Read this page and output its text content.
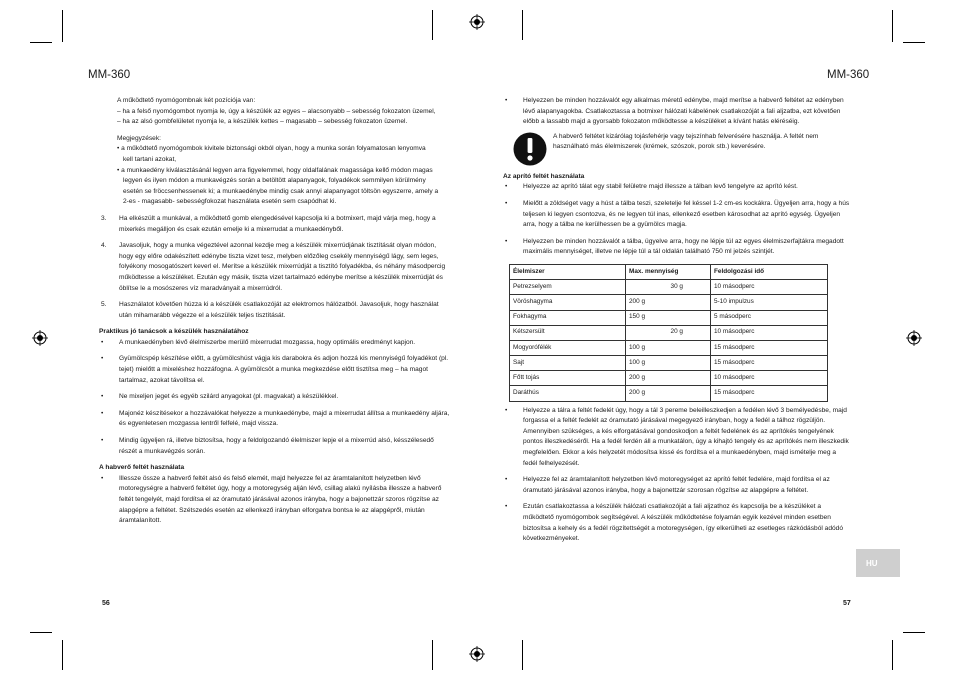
MM-360

A működtető nyomógombnak két pozíciója van:

– ha a felső nyomógombot nyomja le, úgy a készülék az egyes – alacsonyabb – sebesség fokozaton üzemel,

– ha az alsó gombfelületet nyomja le, a készülék kettes – magasabb – sebesség fokozaton üzemel.

Megjegyzések:

• a működtető nyomógombok kivitele biztonsági okból olyan, hogy a munka során folyamatosan lenyomva

kell tartani azokat,

• a munkaedény kiválasztásánál legyen arra figyelemmel, hogy oldalfalának magassága kellő módon magas

legyen és ilyen módon a munkavégzés során a betöltött alapanyagok, folyadékok semmilyen körülmény

esetén se fröccsenhessenek ki; a munkaedénybe mindig csak annyi alapanyagot töltsön egyszerre, amely a

2-es - magasabb- sebességfokozat használata esetén sem csapódhat ki.

3.	Ha elkészült a munkával, a működtető gomb elengedésével kapcsolja ki a botmixert, majd várja meg, hogy a mixerkés megálljon és csak ezután emelje ki a mixerrudat a munkaedényből.
4.	Javasoljuk, hogy a munka végeztével azonnal kezdje meg a készülék mixerrúdjának tisztítását olyan módon, hogy egy előre odakészített edénybe tiszta vizet tesz, melyben előzőleg csekély mennyiségű lágy, sem leges, folyékony mosogatószert keverl el. Merítse a készülék mixerrúdját a tisztító folyadékba, és néhány másodpercig működtesse a készüléket. Ezután egy másik, tiszta vizet tartalmazó edénybe merítse a készülék mixerrúdját és öblítse le a mosószeres víz maradványait a mixerrúdról.
5.	Használatot követően húzza ki a készülék csatlakozóját az elektromos hálózatból. Javasoljuk, hogy használat után mihamarább végezze el a készülék teljes tisztítását.

Praktikus jó tanácsok a készülék használatához

•	A munkaedényben lévő élelmiszerbe merülő mixerrudat mozgassa, hogy optimális eredményt kapjon.
•	Gyümölcspép készítése előtt, a gyümölcshúst vágja kis darabokra és adjon hozzá kis mennyiségű folyadékot (pl. tejet) mielőtt a mixeléshez hozzáfogna. A gyümölcsöt a munka megkezdése előtt tisztítsa meg – ha magot tartalmaz, azokat távolítsa el.
•	Ne mixeljen jeget és egyéb szilárd anyagokat (pl. magvakat) a készülékkel.
•	Majonéz készítésekor a hozzávalókat helyezze a munkaedénybe, majd a mixerrudat állítsa a munkaedény aljára, és egyenletesen mozgassa lentről felfelé, majd vissza.
•	Mindig ügyeljen rá, illetve biztosítsa, hogy a feldolgozandó élelmiszer lepje el a mixerrúd alsó, késszélesedő részét a munkavégzés során.

A habverő feltét használata

•	Illessze össze a habverő feltét alsó és felső elemét, majd helyezze fel az áramtalanított helyzetben lévő motoregységre a habverő feltétet úgy, hogy a motoregység alján lévő, csillag alakú nyílásba illessze a habverő feltét tengelyét, majd fordítsa el az óramutató járásával azonos irányba, hogy a bajonettzár szoros rögzítse az alapgépre a feltétet. Szétszedés esetén az ellenkező irányban elforgatva bontsa le az alapgépről, miután áramtalanított.
56
MM-360
•	Helyezzen be minden hozzávalót egy alkalmas méretű edénybe, majd merítse a habverő feltétet az edényben lévő alapanyagokba. Csatlakoztassa a botmixer hálózati kábelének csatlakozóját a fali aljzatba, ezt követően előbb a lassabb majd a gyorsabb fokozaton működtesse a készüléket a kívánt hatás eléréséig.

A habverő feltétet kizárólag tojásfehérje vagy tejszínhab felverésére használja. A feltét nem használható más élelmiszerek (krémek, szószok, porok stb.) keverésére.

Az aprító feltét használata

•	Helyezze az aprító tálat egy stabil felületre majd illessze a tálban levő tengelyre az aprító kést.
•	Mielőtt a zöldséget vagy a húst a tálba teszi, szeletelje fel késsel 1-2 cm-es kockákra. Ügyeljen arra, hogy a hús teljesen ki legyen csontozva, és ne legyen túl inas, ellenkező esetben károsodhat az aprító egység. Ügyeljen arra, hogy a tálba ne kerülhessen be a gyümölcs magja.
•	Helyezzen be minden hozzávalót a tálba, ügyelve arra, hogy ne lépje túl az egyes élelmiszerfajtákra megadott maximális mennyiséget, illetve ne lépje túl a tál oldalán található 750 ml jelzés szintjét.
Élelmiszer	Max. mennyiség	Feldolgozási idő
Petrezselyem	30 g	10 másodperc
Vöröshagyma	200 g	5-10 impulzus
Fokhagyma	150 g	5 másodperc
Kétszersült	20 g	10 másodperc
Mogyorófélék	100 g	15 másodperc
Sajt	100 g	15 másodperc
Főtt tojás	200 g	10 másodperc
Daráthús	200 g	15 másodperc
•	Helyezze a tálra a feltét fedelét úgy, hogy a tál 3 pereme beleilleszkedjen a fedélen lévő 3 bemélyedésbe, majd forgassa el a feltét fedelét az óramutató járásával megegyező irányban, hogy a fedél a tálhoz rögzüljön. Amennyiben szükséges, a kés elforgatásával gondoskodjon a feltét fedelének és az aprítókés tengelyének pontos illeszkedéséről. Ha a fedél ferdén áll a munkatálon, úgy a kihajtó tengely és az aprítókés nem illeszkedik megfelelően. Ekkor a kés helyzetét módosítsa kissé és fordítsa el a munkaedényben, majd ismételje meg a fedél felhelyezését.
•	Helyezze fel az áramtalanított helyzetben lévő motoregységet az aprító feltét fedelére, majd fordítsa el az óramutató járásával azonos irányba, hogy a bajonettzár szorosan rögzítse az alapgépre a feltétet.
•	Ezután csatlakoztassa a készülék hálózati csatlakozóját a fali aljzathoz és kapcsolja be a készüléket a működtető nyomógombok segítségével. A készülék működtetése folyamán egyik kezével minden esetben biztosítsa a kehely és a fedél rögzítettségét a motoregységen, így elkerülheti az esetleges rázkódásból adódó következményeket.
HU
57
